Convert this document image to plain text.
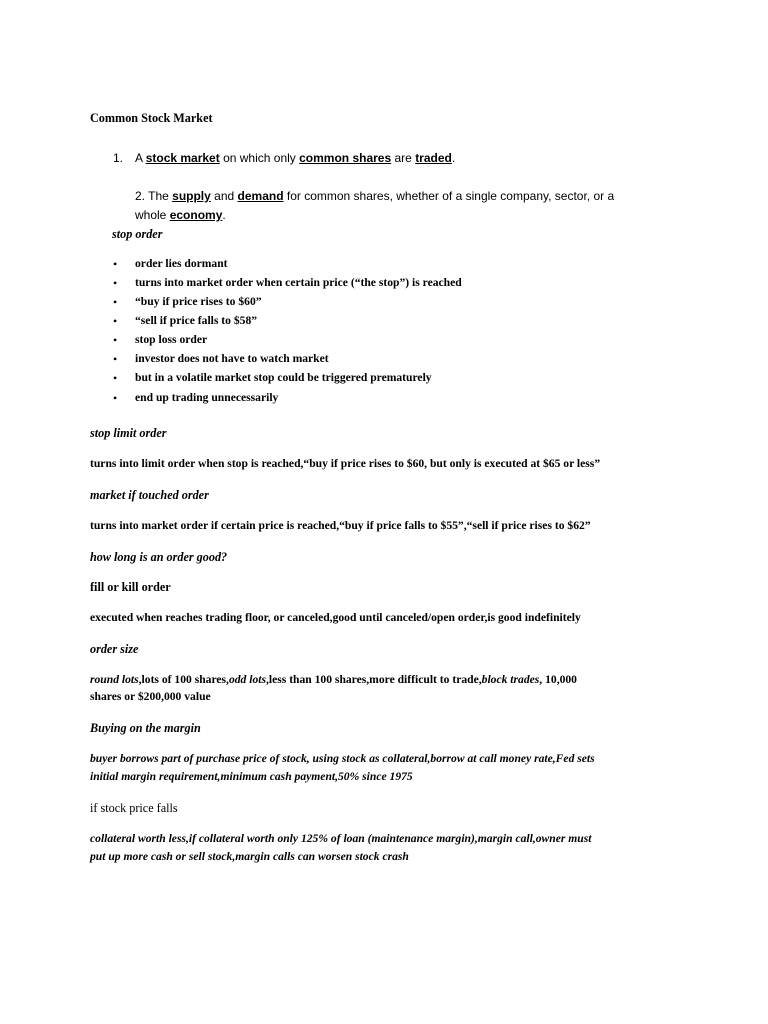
Common Stock Market
1. A stock market on which only common shares are traded.
2. The supply and demand for common shares, whether of a single company, sector, or a
whole economy.
stop order
• order lies dormant
• turns into market order when certain price (“the stop”) is reached
• “buy if price rises to $60”
• “sell if price falls to $58”
• stop loss order
• investor does not have to watch market
• but in a volatile market stop could be triggered prematurely
• end up trading unnecessarily
stop limit order
turns into limit order when stop is reached,“buy if price rises to $60, but only is executed at $65 or less”
market if touched order
turns into market order if certain price is reached,“buy if price falls to $55”,“sell if price rises to $62”
how long is an order good?
fill or kill order
executed when reaches trading floor, or canceled,good until canceled/open order,is good indefinitely
order size
round lots,lots of 100 shares,odd lots,less than 100 shares,more difficult to trade,block trades, 10,000
shares or $200,000 value
Buying on the margin
buyer borrows part of purchase price of stock, using stock as collateral,borrow at call money rate,Fed sets
initial margin requirement,minimum cash payment,50% since 1975
if stock price falls
collateral worth less,if collateral worth only 125% of loan (maintenance margin),margin call,owner must
put up more cash or sell stock,margin calls can worsen stock crash
